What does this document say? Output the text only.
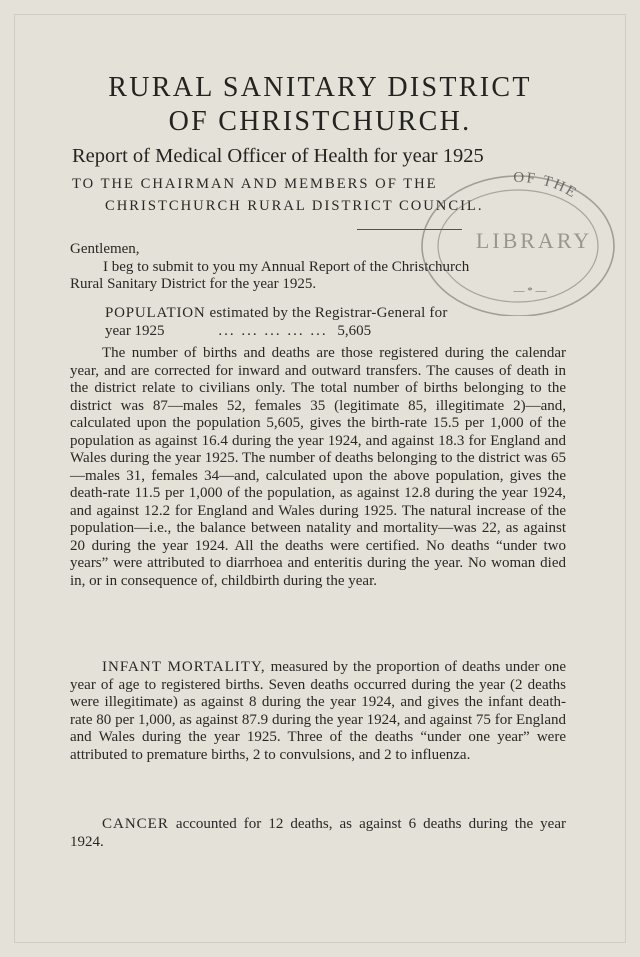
RURAL SANITARY DISTRICT
OF CHRISTCHURCH.
Report of Medical Officer of Health for year 1925
TO THE CHAIRMAN AND MEMBERS OF THE
CHRISTCHURCH RURAL DISTRICT COUNCIL.
Gentlemen,
I beg to submit to you my Annual Report of the Christchurch
Rural Sanitary District for the year 1925.
POPULATION estimated by the Registrar-General for
year 1925	... ... ... ... ... 5,605

The number of births and deaths are those registered during the calendar year, and are corrected for inward and outward transfers. The causes of death in the district relate to civilians only. The total number of births belonging to the district was 87—males 52, females 35 (legitimate 85, illegitimate 2)—and, calculated upon the population 5,605, gives the birth-rate 15.5 per 1,000 of the population as against 16.4 during the year 1924, and against 18.3 for England and Wales during the year 1925. The number of deaths belonging to the district was 65—males 31, females 34—and, calculated upon the above population, gives the death-rate 11.5 per 1,000 of the population, as against 12.8 during the year 1924, and against 12.2 for England and Wales during 1925. The natural increase of the population—i.e., the balance between natality and mortality—was 22, as against 20 during the year 1924. All the deaths were certified. No deaths “under two years” were attributed to diarrhoea and enteritis during the year. No woman died in, or in consequence of, childbirth during the year.

INFANT MORTALITY, measured by the proportion of deaths under one year of age to registered births. Seven deaths occurred during the year (2 deaths were illegitimate) as against 8 during the year 1924, and gives the infant death-rate 80 per 1,000, as against 87.9 during the year 1924, and against 75 for England and Wales during the year 1925. Three of the deaths “under one year” were attributed to premature births, 2 to convulsions, and 2 to influenza.

CANCER accounted for 12 deaths, as against 6 deaths during the year 1924.

OF THE
LIBRARY
— * —
